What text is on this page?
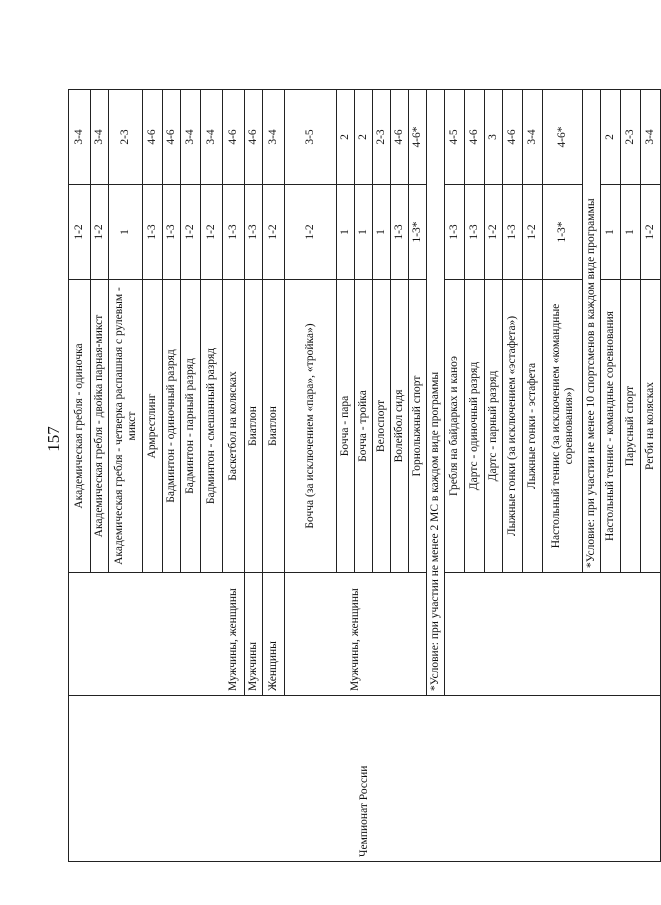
157
Чемпионат России	Мужчины, женщины	Академическая гребля - одиночка	1-2	3-4
		Академическая гребля - двойка парная-микст	1-2	3-4
		Академическая гребля - четверка распашная с рулевым - микст	1	2-3
		Армрестлинг	1-3	4-6
		Бадминтон - одиночный разряд	1-3	4-6
		Бадминтон - парный разряд	1-2	3-4
		Бадминтон - смешанный разряд	1-2	3-4
		Баскетбол на колясках	1-3	4-6
	Мужчины	Биатлон	1-3	4-6
	Женщины	Биатлон	1-2	3-4
	Мужчины, женщины	Бочча (за исключением «пара», «тройка»)	1-2	3-5
		Бочча - пара	1	2
		Бочча - тройка	1	2
		Велоспорт	1	2-3
		Волейбол сидя	1-3	4-6
		Горнолыжный спорт	1-3*	4-6*
	*Условие: при участии не менее 2 МС в каждом виде программы			
		Гребля на байдарках и каноэ	1-3	4-5
		Дартс - одиночный разряд	1-3	4-6
		Дартс - парный разряд	1-2	3
		Лыжные гонки (за исключением «эстафета»)	1-3	4-6
		Лыжные гонки - эстафета	1-2	3-4
		Настольный теннис (за исключением «командные соревнования»)	1-3*	4-6*
		*Условие: при участии не менее 10 спортсменов в каждом виде программы		
		Настольный теннис - командные соревнования	1	2
		Парусный спорт	1	2-3
		Регби на колясках	1-2	3-4
